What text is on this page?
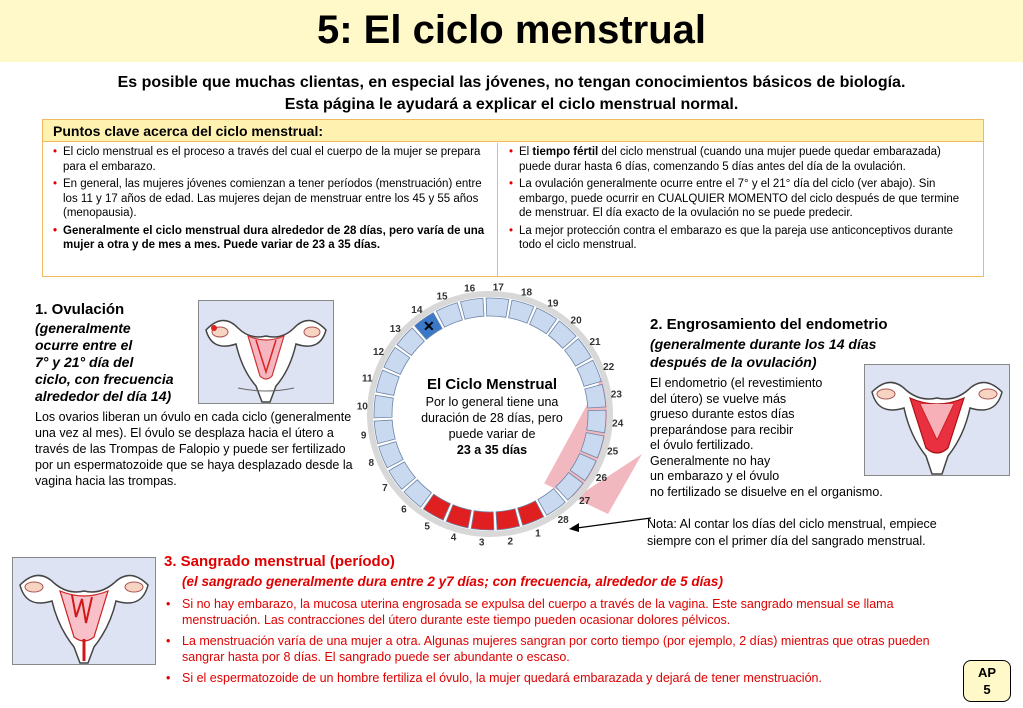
5: El ciclo menstrual
Es posible que muchas clientas, en especial las jóvenes, no tengan conocimientos básicos de biología.
Esta página le ayudará a explicar el ciclo menstrual normal.
Puntos clave acerca del ciclo menstrual:
• El ciclo menstrual es el proceso a través del cual el cuerpo de la mujer se prepara para el embarazo.
• En general, las mujeres jóvenes comienzan a tener períodos (menstruación) entre los 11 y 17 años de edad. Las mujeres dejan de menstruar entre los 45 y 55 años (menopausia).
• Generalmente el ciclo menstrual dura alrededor de 28 días, pero varía de una mujer a otra y de mes a mes. Puede variar de 23 a 35 días.
• El tiempo fértil del ciclo menstrual (cuando una mujer puede quedar embarazada) puede durar hasta 6 días, comenzando 5 días antes del día de la ovulación.
• La ovulación generalmente ocurre entre el 7° y el 21° día del ciclo (ver abajo). Sin embargo, puede ocurrir en CUALQUIER MOMENTO del ciclo después de que termine de menstruar. El día exacto de la ovulación no se puede predecir.
• La mejor protección contra el embarazo es que la pareja use anticonceptivos durante todo el ciclo menstrual.
1. Ovulación
(generalmente
ocurre entre el
7° y 21° día del
ciclo, con frecuencia
alrededor del día 14)
Los ovarios liberan un óvulo en cada ciclo (generalmente una vez al mes). El óvulo se desplaza hacia el útero a través de las Trompas de Falopio y puede ser fertilizado por un espermatozoide que se haya desplazado desde la vagina hacia las trompas.
✕
1
2
3
4
5
6
7
8
9
10
11
12
13
14
15
16 17 18
19
20
21
22
23
24
25
26
27
28
El Ciclo Menstrual
Por lo general tiene una
duración de 28 días, pero
puede variar de
23 a 35 días
2. Engrosamiento del endometrio
(generalmente durante los 14 días
después de la ovulación)
El endometrio (el revestimiento
del útero) se vuelve más
grueso durante estos días
preparándose para recibir
el óvulo fertilizado.
Generalmente no hay
un embarazo y el óvulo
no fertilizado se disuelve en el organismo.
Nota: Al contar los días del ciclo menstrual, empiece
siempre con el primer día del sangrado menstrual.
3. Sangrado menstrual (período)
(el sangrado generalmente dura entre 2 y7 días; con frecuencia, alrededor de 5 días)
• Si no hay embarazo, la mucosa uterina engrosada se expulsa del cuerpo a través de la vagina. Este sangrado mensual se llama menstruación. Las contracciones del útero durante este tiempo pueden ocasionar dolores pélvicos.
• La menstruación varía de una mujer a otra. Algunas mujeres sangran por corto tiempo (por ejemplo, 2 días) mientras que otras pueden sangrar hasta por 8 días. El sangrado puede ser abundante o escaso.
• Si el espermatozoide de un hombre fertiliza el óvulo, la mujer quedará embarazada y dejará de tener menstruación.	AP
5
